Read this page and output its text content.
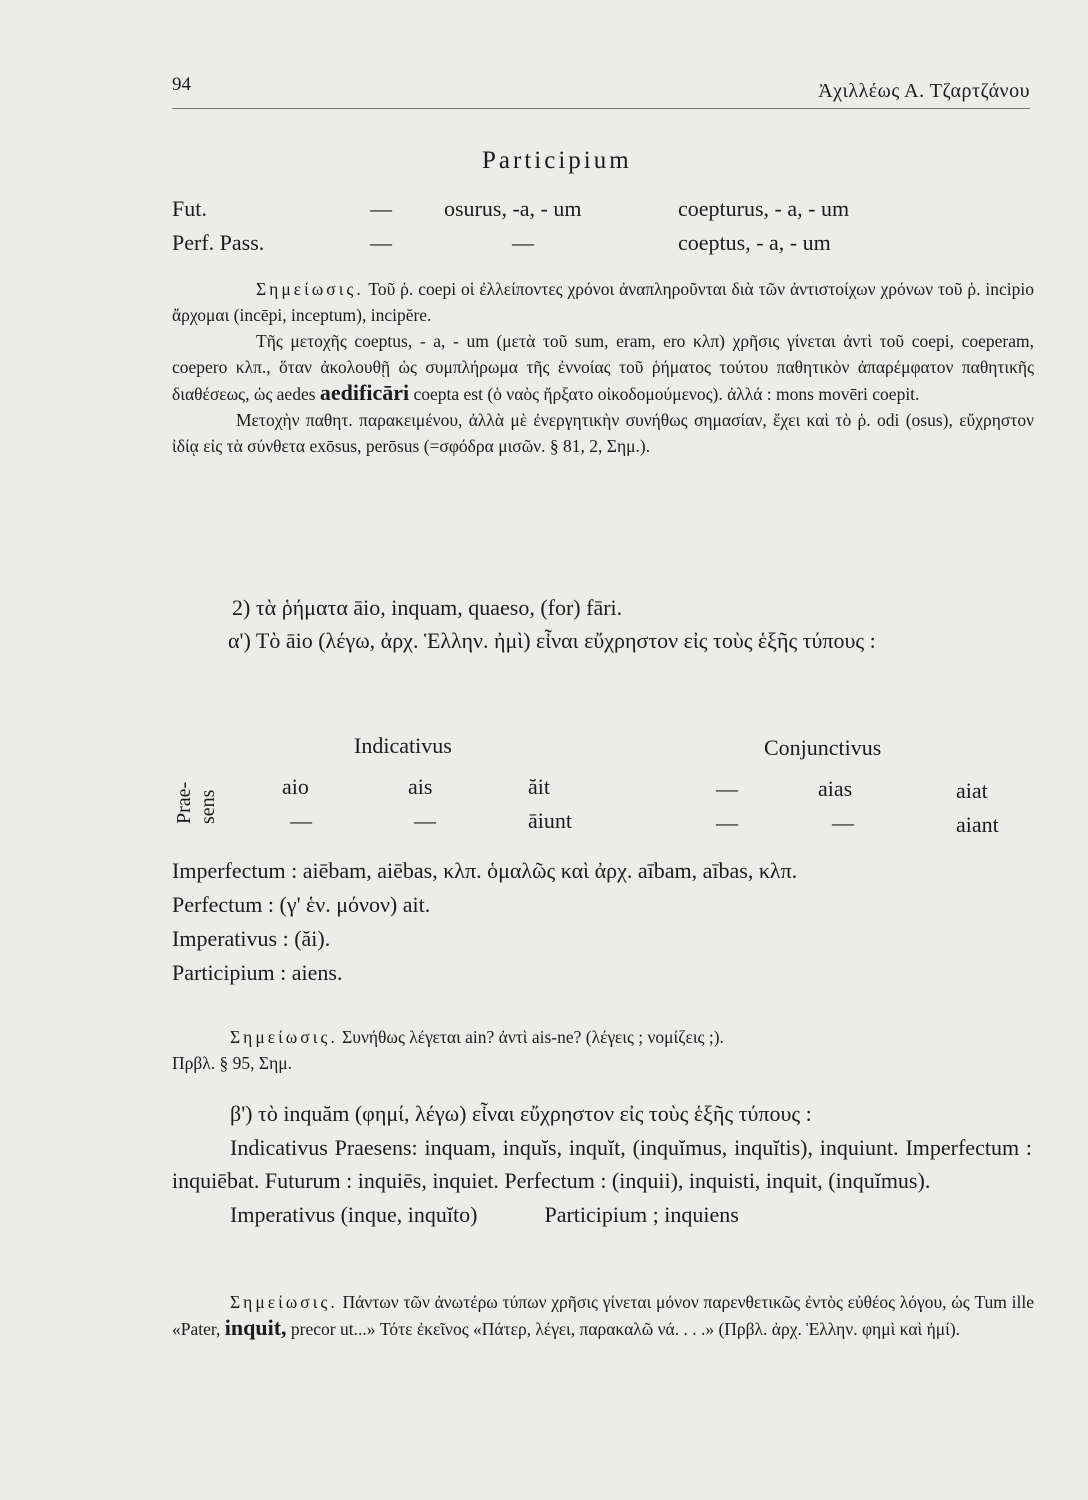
94	Ἀχιλλέως Α. Τζαρτζάνου
Participium
Fut.	— osurus, -a, - um	coepturus, - a, - um
Perf. Pass.	—	—	coeptus, - a, - um

Σημείωσις. Τοῦ ῥ. coepi οἱ ἐλλείποντες χρόνοι ἀναπληροῦνται διὰ τῶν ἀντιστοίχων χρόνων τοῦ ῥ. incipio ἄρχομαι (incēpi, inceptum), incipĕre.

Τῆς μετοχῆς coeptus, - a, - um (μετὰ τοῦ sum, eram, ero κλπ) χρῆσις γίνεται ἀντὶ τοῦ coepi, coeperam, coepero κλπ., ὅταν ἀκολουθῇ ὡς συμπλήρωμα τῆς ἐννοίας τοῦ ῥήματος τούτου παθητικὸν ἀπαρέμφατον παθητικῆς διαθέσεως, ὡς aedes aedificāri coepta est (ὁ ναὸς ἤρξατο οἰκοδομούμενος). ἀλλά : mons movēri coepit.

Μετοχὴν παθητ. παρακειμένου, ἀλλὰ μὲ ἐνεργητικὴν συνήθως σημασίαν, ἔχει καὶ τὸ ῥ. odi (osus), εὔχρηστον ἰδίᾳ εἰς τὰ σύνθετα exōsus, perōsus (=σφόδρα μισῶν. § 81, 2, Σημ.).

2) τὰ ῥήματα āio, inquam, quaeso, (for) fāri.

α') Τὸ āio (λέγω, ἀρχ. Ἑλλην. ἠμὶ) εἶναι εὔχρηστον εἰς τοὺς ἑξῆς τύπους :

Indicativus	Conjunctivus
Prae- sens
aio	ais	ăit	—	aias	aiat
—	—	āiunt	—	—	aiant

Imperfectum : aiēbam, aiēbas, κλπ. ὁμαλῶς καὶ ἀρχ. aībam, aības, κλπ.

Perfectum : (γ' ἑν. μόνον) ait.

Imperativus : (ăi).

Participium : aiens.

Σημείωσις. Συνήθως λέγεται ain? ἀντὶ ais-ne? (λέγεις ; νομίζεις ;).

Πρβλ. § 95, Σημ.

β') τὸ inquăm (φημί, λέγω) εἶναι εὔχρηστον εἰς τοὺς ἑξῆς τύπους :

Indicativus Praesens: inquam, inquĭs, inquĭt, (inquĭmus, inquĭtis), inquiunt. Imperfectum : inquiēbat. Futurum : inquiēs, inquiet. Perfectum : (inquii), inquisti, inquit, (inquĭmus).

Imperativus (inque, inquĭto)	Participium ; inquiens

Σημείωσις. Πάντων τῶν ἀνωτέρω τύπων χρῆσις γίνεται μόνον παρενθετικῶς ἐντὸς εὐθέος λόγου, ὡς Tum ille «Pater, inquit, precor ut...» Τότε ἐκεῖνος «Πάτερ, λέγει, παρακαλῶ νά. . . .» (Πρβλ. ἀρχ. Ἑλλην. φημὶ καὶ ἠμί).
